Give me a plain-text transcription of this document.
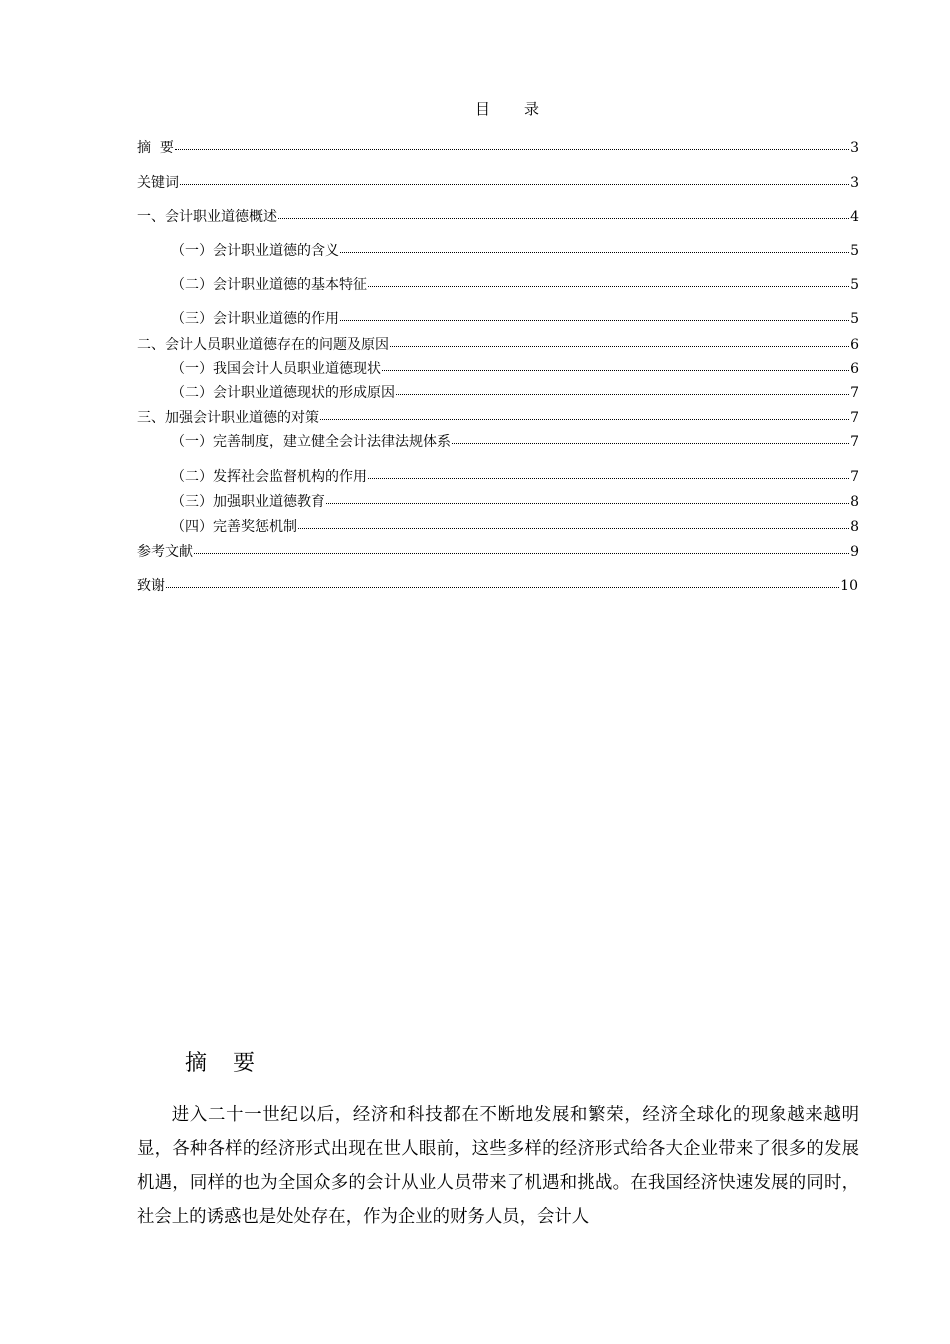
目 录
摘  要	3
关键词	3
一、会计职业道德概述	4
（一）会计职业道德的含义	5
（二）会计职业道德的基本特征	5
（三）会计职业道德的作用	5
二、会计人员职业道德存在的问题及原因	6
（一）我国会计人员职业道德现状	6
（二）会计职业道德现状的形成原因	7
三、加强会计职业道德的对策	7
（一）完善制度，建立健全会计法律法规体系	7
（二）发挥社会监督机构的作用	7
（三）加强职业道德教育	8
（四）完善奖惩机制	8
参考文献	9
致谢	10
摘 要
进入二十一世纪以后，经济和科技都在不断地发展和繁荣，经济全球化的现象越来越明显，各种各样的经济形式出现在世人眼前，这些多样的经济形式给各大企业带来了很多的发展机遇，同样的也为全国众多的会计从业人员带来了机遇和挑战。在我国经济快速发展的同时，社会上的诱惑也是处处存在，作为企业的财务人员，会计人
